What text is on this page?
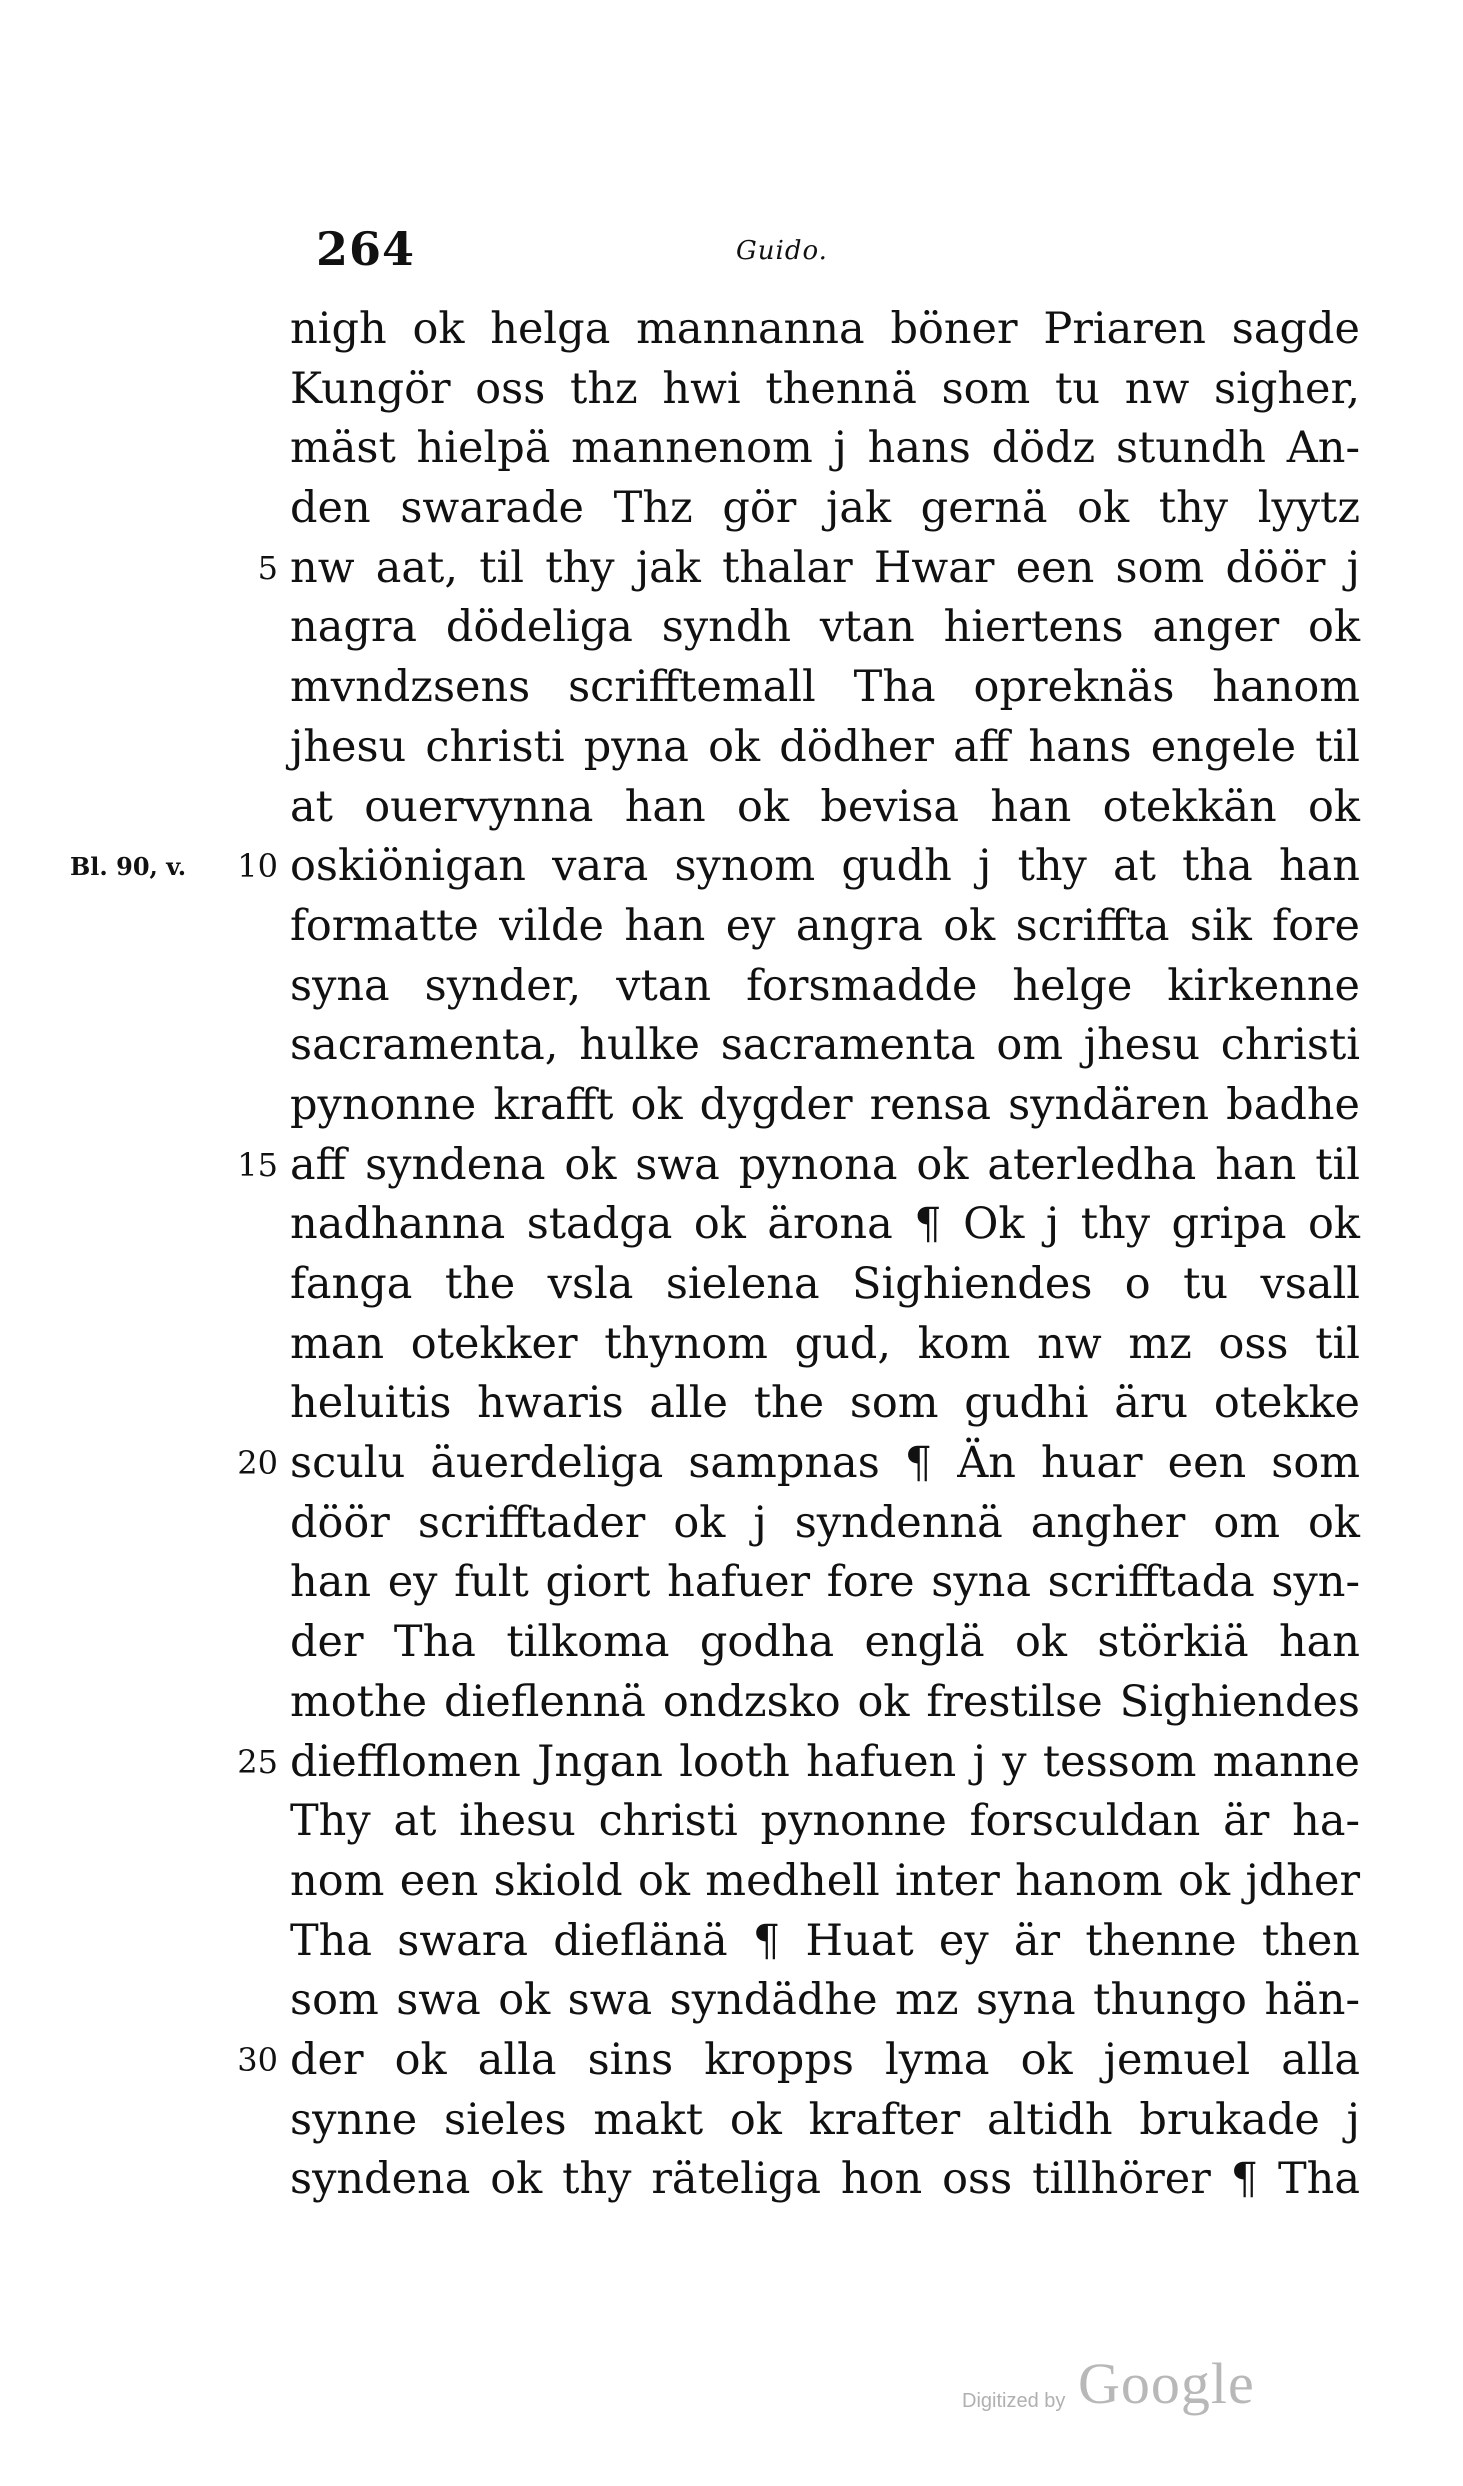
264	Guido.
nigh ok helga mannanna böner Priaren sagde
Kungör oss thz hwi thennä som tu nw sigher,
mäst hielpä mannenom j hans dödz stundh An-
den swarade Thz gör jak gernä ok thy lyytz
5 nw aat, til thy jak thalar Hwar een som döör j
nagra dödeliga syndh vtan hiertens anger ok
mvndzsens scrifftemall Tha opreknäs hanom
jhesu christi pyna ok dödher aff hans engele til
at ouervynna han ok bevisa han otekkän ok
10
Bl. 90, v. oskiönigan vara synom gudh j thy at tha han
formatte vilde han ey angra ok scriffta sik fore
syna synder, vtan forsmadde helge kirkenne
sacramenta, hulke sacramenta om jhesu christi
pynonne krafft ok dygder rensa syndären badhe
15 aff syndena ok swa pynona ok aterledha han til
nadhanna stadga ok ärona ¶ Ok j thy gripa ok
fanga the vsla sielena Sighiendes o tu vsall
man otekker thynom gud, kom nw mz oss til
heluitis hwaris alle the som gudhi äru otekke
20 sculu äuerdeliga sampnas ¶ Än huar een som
döör scrifftader ok j syndennä angher om ok
han ey fult giort hafuer fore syna scrifftada syn-
der Tha tilkoma godha englä ok störkiä han
mothe dieflennä ondzsko ok frestilse Sighiendes
25 diefflomen Jngan looth hafuen j y tessom manne
Thy at ihesu christi pynonne forsculdan är ha-
nom een skiold ok medhell inter hanom ok jdher
Tha swara dieflänä ¶ Huat ey är thenne then
som swa ok swa syndädhe mz syna thungo hän-
30 der ok alla sins kropps lyma ok jemuel alla
synne sieles makt ok krafter altidh brukade j
syndena ok thy räteliga hon oss tillhörer ¶ Tha
Digitized by Google
